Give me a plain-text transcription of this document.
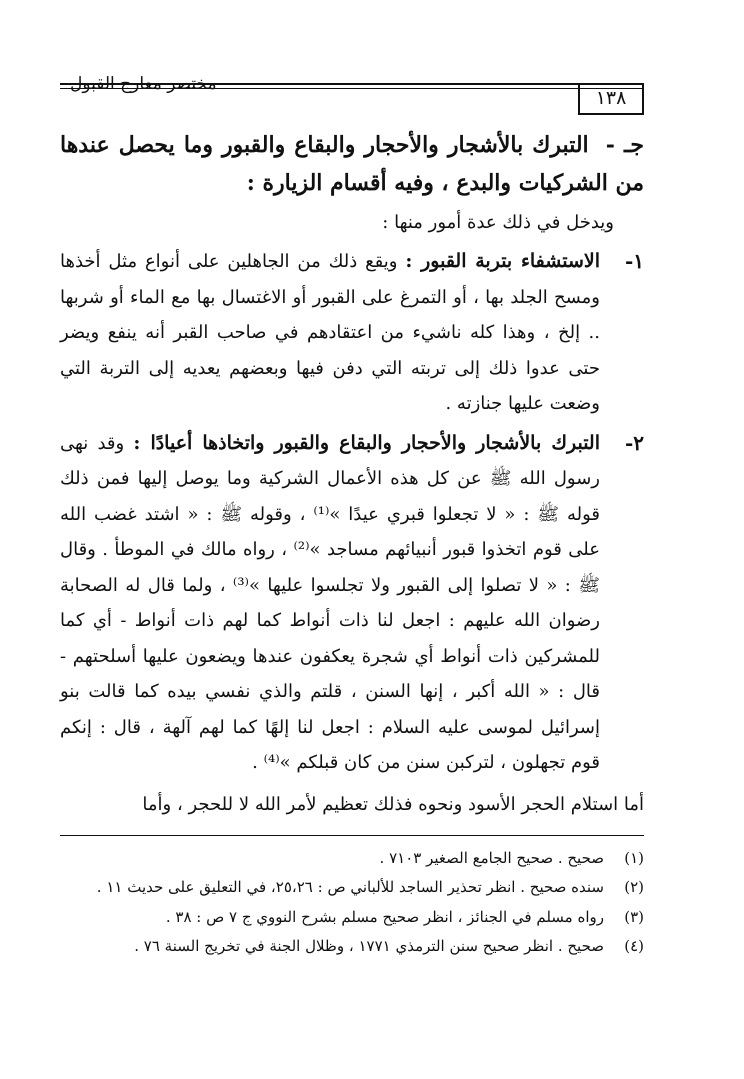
مختصر معارج القبول
١٣٨
جـ - التبرك بالأشجار والأحجار والبقاع والقبور وما يحصل عندها من الشركيات والبدع ، وفيه أقسام الزيارة :
ويدخل في ذلك عدة أمور منها :
١-
الاستشفاء بتربة القبور : ويقع ذلك من الجاهلين على أنواع مثل أخذها ومسح الجلد بها ، أو التمرغ على القبور أو الاغتسال بها مع الماء أو شربها .. إلخ ، وهذا كله ناشيء من اعتقادهم في صاحب القبر أنه ينفع ويضر حتى عدوا ذلك إلى تربته التي دفن فيها وبعضهم يعديه إلى التربة التي وضعت عليها جنازته .
٢-
التبرك بالأشجار والأحجار والبقاع والقبور واتخاذها أعيادًا : وقد نهى رسول الله ﷺ عن كل هذه الأعمال الشركية وما يوصل إليها فمن ذلك قوله ﷺ : « لا تجعلوا قبري عيدًا »⁽¹⁾ ، وقوله ﷺ : « اشتد غضب الله على قوم اتخذوا قبور أنبيائهم مساجد »⁽²⁾ ، رواه مالك في الموطأ . وقال ﷺ : « لا تصلوا إلى القبور ولا تجلسوا عليها »⁽³⁾ ، ولما قال له الصحابة رضوان الله عليهم : اجعل لنا ذات أنواط كما لهم ذات أنواط - أي كما للمشركين ذات أنواط أي شجرة يعكفون عندها ويضعون عليها أسلحتهم - قال : « الله أكبر ، إنها السنن ، قلتم والذي نفسي بيده كما قالت بنو إسرائيل لموسى عليه السلام : اجعل لنا إلهًا كما لهم آلهة ، قال : إنكم قوم تجهلون ، لتركبن سنن من كان قبلكم »⁽⁴⁾ .
أما استلام الحجر الأسود ونحوه فذلك تعظيم لأمر الله لا للحجر ، وأما
(١)
صحيح . صحيح الجامع الصغير ٧١٠٣ .
(٢)
سنده صحيح . انظر تحذير الساجد للألباني ص : ٢٥،٢٦، في التعليق على حديث ١١ .
(٣)
رواه مسلم في الجنائز ، انظر صحيح مسلم بشرح النووي ج ٧ ص : ٣٨ .
(٤)
صحيح . انظر صحيح سنن الترمذي ١٧٧١ ، وظلال الجنة في تخريج السنة ٧٦ .
